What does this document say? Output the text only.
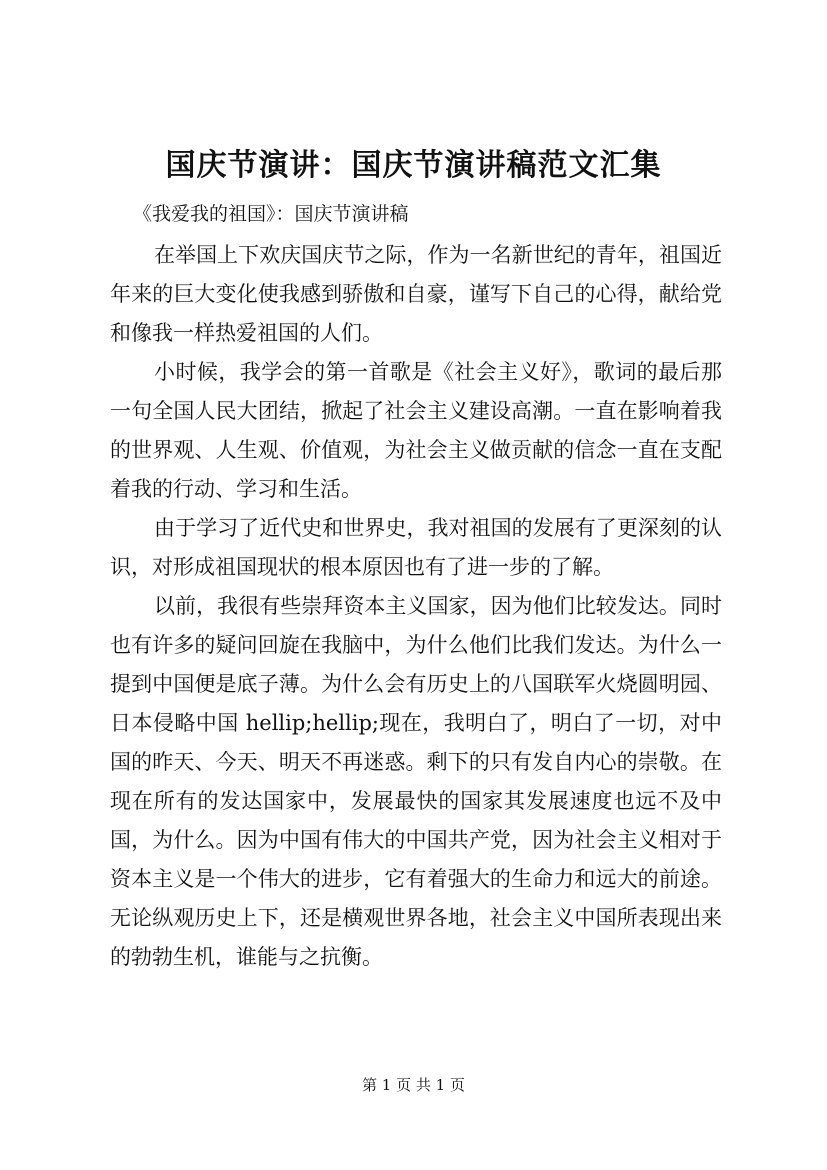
国庆节演讲：国庆节演讲稿范文汇集

《我爱我的祖国》：国庆节演讲稿

在举国上下欢庆国庆节之际，作为一名新世纪的青年，祖国近年来的巨大变化使我感到骄傲和自豪，谨写下自己的心得，献给党和像我一样热爱祖国的人们。

小时候，我学会的第一首歌是《社会主义好》，歌词的最后那一句全国人民大团结，掀起了社会主义建设高潮。一直在影响着我的世界观、人生观、价值观，为社会主义做贡献的信念一直在支配着我的行动、学习和生活。

由于学习了近代史和世界史，我对祖国的发展有了更深刻的认识，对形成祖国现状的根本原因也有了进一步的了解。

以前，我很有些崇拜资本主义国家，因为他们比较发达。同时也有许多的疑问回旋在我脑中，为什么他们比我们发达。为什么一提到中国便是底子薄。为什么会有历史上的八国联军火烧圆明园、日本侵略中国 hellip;hellip;现在，我明白了，明白了一切，对中国的昨天、今天、明天不再迷惑。剩下的只有发自内心的崇敬。在现在所有的发达国家中，发展最快的国家其发展速度也远不及中国，为什么。因为中国有伟大的中国共产党，因为社会主义相对于资本主义是一个伟大的进步，它有着强大的生命力和远大的前途。无论纵观历史上下，还是横观世界各地，社会主义中国所表现出来的勃勃生机，谁能与之抗衡。

第 1 页 共 1 页
